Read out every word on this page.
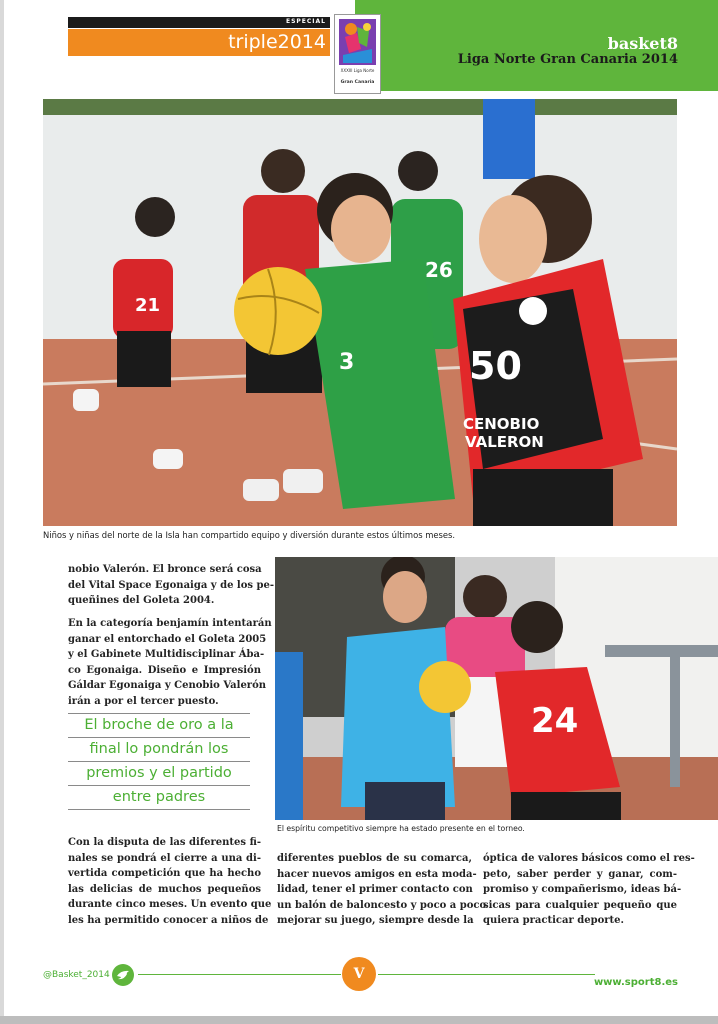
ESPECIAL
triple2014	basket8
Liga Norte Gran Canaria 2014
XXXIII Liga Norte
Gran Canaria
26
3	50
CENOBIO
VALERON
21
Niños y niñas del norte de la Isla han compartido equipo y diversión durante estos últimos meses.
nobio Valerón. El bronce será cosa
del Vital Space Egonaiga y de los pe-
queñines del Goleta 2004.
En la categoría benjamín intentarán
ganar el entorchado el Goleta 2005
y el Gabinete Multidisciplinar Ába-
co Egonaiga. Diseño e Impresión
Gáldar Egonaiga y Cenobio Valerón
irán a por el tercer puesto.
El broche de oro a la
final lo pondrán los
premios y el partido
entre padres
24
El espíritu competitivo siempre ha estado presente en el torneo.
Con la disputa de las diferentes fi-
nales se pondrá el cierre a una di-
vertida competición que ha hecho
las delicias de muchos pequeños
durante cinco meses. Un evento que
les ha permitido conocer a niños de
diferentes pueblos de su comarca,
hacer nuevos amigos en esta moda-
lidad, tener el primer contacto con
un balón de baloncesto y poco a poco
mejorar su juego, siempre desde la
óptica de valores básicos como el res-
peto, saber perder y ganar, com-
promiso y compañerismo, ideas bá-
sicas para cualquier pequeño que
quiera practicar deporte.
@Basket_2014	V
www.sport8.es
